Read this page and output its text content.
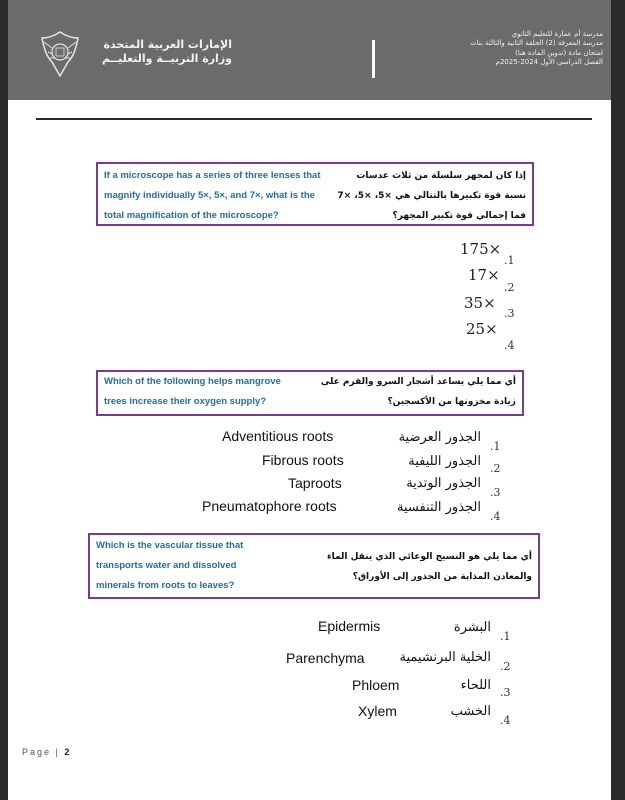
الإمارات العربية المتحدة
وزارة التربيــة والتعليــم
مدرسة أم عمارة للتعليم الثانوي
مدرسة المعرفة (2) الحلقة الثانية والثالثة بنات
امتحان مادة (تدوين المادة هنا)
الفصل الدراسي الأول 2024-2025م
If a microscope has a series of three lenses that
magnify individually 5×, 5×, and 7×, what is the
total magnification of the microscope?
إذا كان لمجهر سلسلة من ثلاث عدسات
نسبة قوة تكبيرها بالتتالي هي ×5، ×5، ×7
فما إجمالي قوة تكبير المجهر؟
175×
.1
17×
.2
35×
.3
25×
.4
Which of the following helps mangrove
trees increase their oxygen supply?
أي مما يلي يساعد أشجار السرو والقرم على
زيادة مخزونها من الأكسجين؟
Adventitious roots	الجذور العرضية
.1
Fibrous roots	الجذور الليفية .2
Taproots	الجذور الوتدية
.3
Pneumatophore roots	الجذور التنفسية
.4
Which is the vascular tissue that
transports water and dissolved
minerals from roots to leaves?
أي مما يلي هو النسيج الوعائي الذي ينقل الماء
والمعادن المذابة من الجذور إلى الأوراق؟
Epidermis	البشرة
.1
Parenchyma	الخلية البرنشيمية
.2
Phloem	اللحاء .3
Xylem	الخشب
.4
Page | 2
